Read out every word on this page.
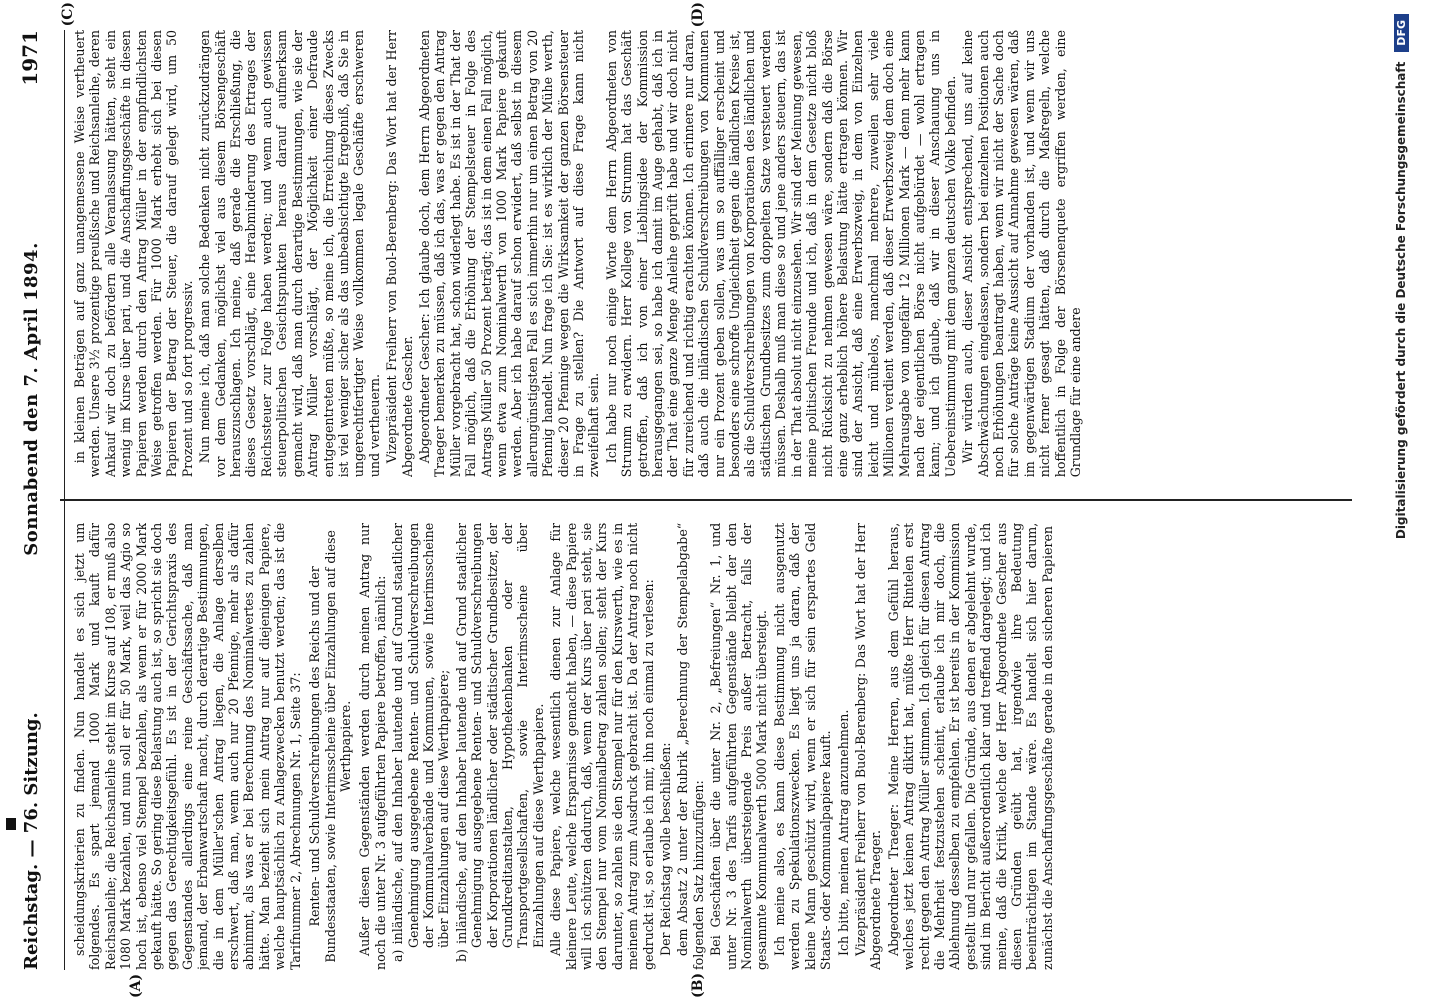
Reichstag. — 76. Sitzung.
Sonnabend den 7. April 1894.
1971
(A)	(B)
(C)	(D)

scheidungskriterien zu finden. Nun handelt es sich jetzt um folgendes. Es spart jemand 1000 Mark und kauft dafür Reichsanleihe; die Reichsanleihe steht im Kurse auf 108, er muß also 1080 Mark bezahlen, und nun soll er für 50 Mark, weil das Agio so hoch ist, ebenso viel Stempel bezahlen, als wenn er für 2000 Mark gekauft hätte. So gering diese Belastung auch ist, so spricht sie doch gegen das Gerechtigkeitsgefühl. Es ist in der Gerichtspraxis des Gegenstandes allerdings eine reine Geschäftssache, daß man jemand, der Erbanwartschaft macht, durch derartige Bestimmungen, die in dem Müller'schen Antrag liegen, die Anlage derselben erschwert, daß man, wenn auch nur 20 Pfennige, mehr als dafür abnimmt, als was er bei Berechnung des Nominalwertes zu zahlen hätte. Man bezieht sich mein Antrag nur auf diejenigen Papiere, welche hauptsächlich zu Anlagezwecken benutzt werden; das ist die Tarifnummer 2, Abrechnungen Nr. 1, Seite 37: Renten- und Schuldverschreibungen des Reichs und der Bundesstaaten, sowie Interimsscheine über Einzahlungen auf diese Werthpapiere. Außer diesen Gegenständen werden durch meinen Antrag nur noch die unter Nr. 3 aufgeführten Papiere betroffen, nämlich: a) inländische, auf den Inhaber lautende und auf Grund staatlicher Genehmigung ausgegebene Renten- und Schuldverschreibungen der Kommunalverbände und Kommunen, sowie Interimsscheine über Einzahlungen auf diese Werthpapiere; b) inländische, auf den Inhaber lautende und auf Grund staatlicher Genehmigung ausgegebene Renten- und Schuldverschreibungen der Korporationen ländlicher oder städtischer Grundbesitzer, der Grundkreditanstalten, Hypothekenbanken oder der Transportgesellschaften, sowie Interimsscheine über Einzahlungen auf diese Werthpapiere. Alle diese Papiere, welche wesentlich dienen zur Anlage für kleinere Leute, welche Ersparnisse gemacht haben, — diese Papiere will ich schützen dadurch, daß, wenn der Kurs über pari steht, sie den Stempel nur vom Nominalbetrag zahlen sollen; steht der Kurs darunter, so zahlen sie den Stempel nur für den Kurswerth, wie es in meinem Antrag zum Ausdruck gebracht ist. Da der Antrag noch nicht gedruckt ist, so erlaube ich mir, ihn noch einmal zu verlesen: Der Reichstag wolle beschließen: dem Absatz 2 unter der Rubrik „Berechnung der Stempelabgabe“ folgenden Satz hinzuzufügen: Bei Geschäften über die unter Nr. 2, „Befreiungen“ Nr. 1, und unter Nr. 3 des Tarifs aufgeführten Gegenstände bleibt der den Nominalwerth übersteigende Preis außer Betracht, falls der gesammte Kommunalwerth 5000 Mark nicht übersteigt. Ich meine also, es kann diese Bestimmung nicht ausgenutzt werden zu Spekulationszwecken. Es liegt uns ja daran, daß der kleine Mann geschützt wird, wenn er sich für sein erspartes Geld Staats- oder Kommunalpapiere kauft. Ich bitte, meinen Antrag anzunehmen. Vizepräsident Freiherr von Buol-Berenberg: Das Wort hat der Herr Abgeordnete Traeger. Abgeordneter Traeger: Meine Herren, aus dem Gefühl heraus, welches jetzt keinen Antrag diktirt hat, müßte Herr Rintelen erst recht gegen den Antrag Müller stimmen. Ich gleich für diesen Antrag die Mehrheit festzustehen scheint, erlaube ich mir doch, die Ablehnung desselben zu empfehlen. Er ist bereits in der Kommission gestellt und nur gefallen. Die Gründe, aus denen er abgelehnt wurde, sind im Bericht außerordentlich klar und treffend dargelegt; und ich meine, daß die Kritik, welche der Herr Abgeordnete Gescher aus diesen Gründen geübt hat, irgendwie ihre Bedeutung beeinträchtigen im Stande wäre. Es handelt sich hier darum, zunächst die Anschaffungsgeschäfte gerade in den sicheren Papieren

in kleinen Beträgen auf ganz unangemessene Weise vertheuert werden. Unsere 3½ prozentige preußische und Reichsanleihe, deren Ankauf wir doch zu befördern alle Veranlassung hätten, steht ein wenig im Kurse über pari, und die Anschaffungsgeschäfte in diesen Papieren werden durch den Antrag Müller in der empfindlichsten Weise getroffen werden. Für 1000 Mark erhebt sich bei diesen Papieren der Betrag der Steuer, die darauf gelegt wird, um 50 Prozent und so fort progressiv. Nun meine ich, daß man solche Bedenken nicht zurückzudrängen vor dem Gedanken, möglichst viel aus diesem Börsengeschäft herauszuschlagen. Ich meine, daß gerade die Erschließung, die dieses Gesetz vorschlägt, eine Herabminderung des Ertrages der Reichssteuer zur Folge haben werden; und wenn auch gewissen steuerpolitischen Gesichtspunkten heraus darauf aufmerksam gemacht wird, daß man durch derartige Bestimmungen, wie sie der Antrag Müller vorschlägt, der Möglichkeit einer Defraude entgegentreten müßte, so meine ich, die Erreichung dieses Zwecks ist viel weniger sicher als das unbeabsichtigte Ergebniß, daß Sie in ungerechtfertigter Weise vollkommen legale Geschäfte erschweren und vertheuern. Vizepräsident Freiherr von Buol-Berenberg: Das Wort hat der Herr Abgeordnete Gescher. Abgeordneter Gescher: Ich glaube doch, dem Herrn Abgeordneten Traeger bemerken zu müssen, daß ich das, was er gegen den Antrag Müller vorgebracht hat, schon widerlegt habe. Es ist in der That der Fall möglich, daß die Erhöhung der Stempelsteuer in Folge des Antrags Müller 50 Prozent beträgt; das ist in dem einen Fall möglich, wenn etwa zum Nominalwerth von 1000 Mark Papiere gekauft werden. Aber ich habe darauf schon erwidert, daß selbst in diesem allerungünstigsten Fall es sich immerhin nur um einen Betrag von 20 Pfennig handelt. Nun frage ich Sie: ist es wirklich der Mühe werth, dieser 20 Pfennige wegen die Wirksamkeit der ganzen Börsensteuer in Frage zu stellen? Die Antwort auf diese Frage kann nicht zweifelhaft sein. Ich habe nur noch einige Worte dem Herrn Abgeordneten von Strumm zu erwidern. Herr Kollege von Strumm hat das Geschäft getroffen, daß ich von einer Lieblingsidee der Kommission herausgegangen sei, so habe ich damit im Auge gehabt, daß ich in der That eine ganze Menge Anleihe geprüft habe und wir doch nicht für zureichend und richtig erachten können. Ich erinnere nur daran, daß auch die inländischen Schuldverschreibungen von Kommunen nur ein Prozent geben sollen, was um so auffälliger erscheint und besonders eine schroffe Ungleichheit gegen die ländlichen Kreise ist, als die Schuldverschreibungen von Korporationen des ländlichen und städtischen Grundbesitzes zum doppelten Satze versteuert werden müssen. Deshalb muß man diese so und jene anders steuern, das ist in der That absolut nicht einzusehen. Wir sind der Meinung gewesen, meine politischen Freunde und ich, daß in dem Gesetze nicht bloß nicht Rücksicht zu nehmen gewesen wäre, sondern daß die Börse eine ganz erheblich höhere Belastung hätte ertragen können. Wir sind der Ansicht, daß eine Erwerbszweig, in dem von Einzelnen leicht und mühelos, manchmal mehrere, zuweilen sehr viele Millionen verdient werden, daß dieser Erwerbszweig dem doch eine Mehrausgabe von ungefähr 12 Millionen Mark — denn mehr kann nach der eigentlichen Börse nicht aufgebürdet — wohl ertragen kann; und ich glaube, daß wir in dieser Anschauung uns in Uebereinstimmung mit dem ganzen deutschen Volke befinden. Wir würden auch, dieser Ansicht entsprechend, uns auf keine Abschwächungen eingelassen, sondern bei einzelnen Positionen auch noch Erhöhungen beantragt haben, wenn wir nicht der Sache doch für solche Anträge keine Aussicht auf Annahme gewesen wären, daß im gegenwärtigen Stadium der vorhanden ist, und wenn wir uns nicht ferner gesagt hätten, daß durch die Maßregeln, welche hoffentlich in Folge der Börsenenquete ergriffen werden, eine Grundlage für eine andere	Digitalisierung gefördert durch die Deutsche Forschungsgemeinschaft
DFG
